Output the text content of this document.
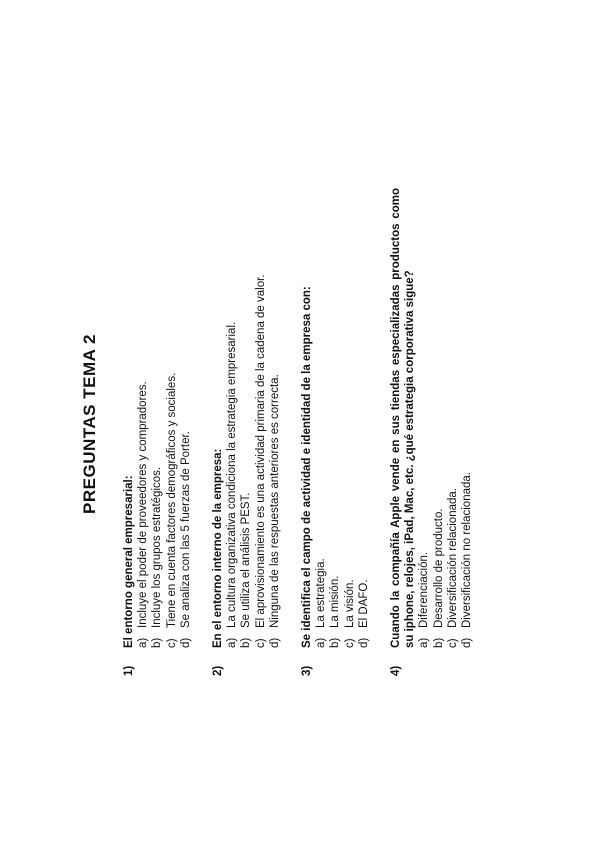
PREGUNTAS TEMA 2
1)
El entorno general empresarial: a)
Incluye el poder de proveedores y compradores.
b)
Incluye los grupos estratégicos.
c)
Tiene en cuenta factores demográficos y sociales.
d)
Se analiza con las 5 fuerzas de Porter.
2)
En el entorno interno de la empresa: a)
La cultura organizativa condiciona la estrategia empresarial.
b)
Se utiliza el análisis PEST.
c)
El aprovisionamiento es una actividad primaria de la cadena de valor.
d)
Ninguna de las respuestas anteriores es correcta.
3)
Se identifica el campo de actividad e identidad de la empresa con: a)
La estrategia.
b)
La misión.
c)
La visión.
d)
El DAFO.
4)
Cuando la compañía Apple vende en sus tiendas especializadas productos como su iphone, relojes, iPad, Mac, etc. ¿qué estrategia corporativa sigue? a)
Diferenciación.
b)
Desarrollo de producto.
c)
Diversificación relacionada.
d)
Diversificación no relacionada.
